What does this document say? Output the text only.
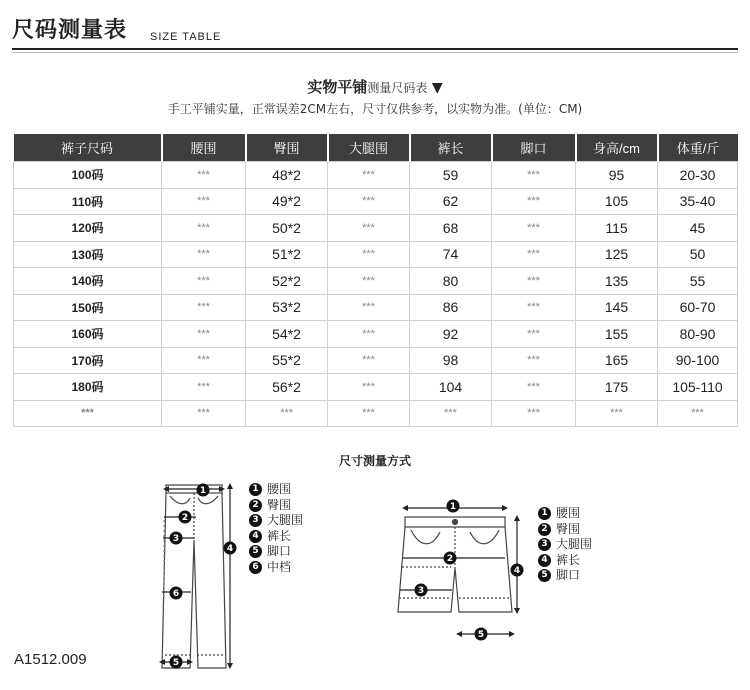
尺码测量表 SIZE TABLE
实物平铺测量尺码表 ▼
手工平铺实量，正常误差2CM左右，尺寸仅供参考，以实物为准。(单位：CM)
裤子尺码	腰围	臀围	大腿围	裤长	脚口	身高/cm	体重/斤
100码	***	48*2	***	59	***	95	20-30
110码	***	49*2	***	62	***	105	35-40
120码	***	50*2	***	68	***	115	45
130码	***	51*2	***	74	***	125	50
140码	***	52*2	***	80	***	135	55
150码	***	53*2	***	86	***	145	60-70
160码	***	54*2	***	92	***	155	80-90
170码	***	55*2	***	98	***	165	90-100
180码	***	56*2	***	104	***	175	105-110
***	***	***	***	***	***	***	***
尺寸测量方式
1
2
3
4
6
5
1
2
3
4
5
1 腰围
2 臀围
3 大腿围
4 裤长
5 脚口
6 中档
1 腰围
2 臀围
3 大腿围
4 裤长
5 脚口
A1512.009
